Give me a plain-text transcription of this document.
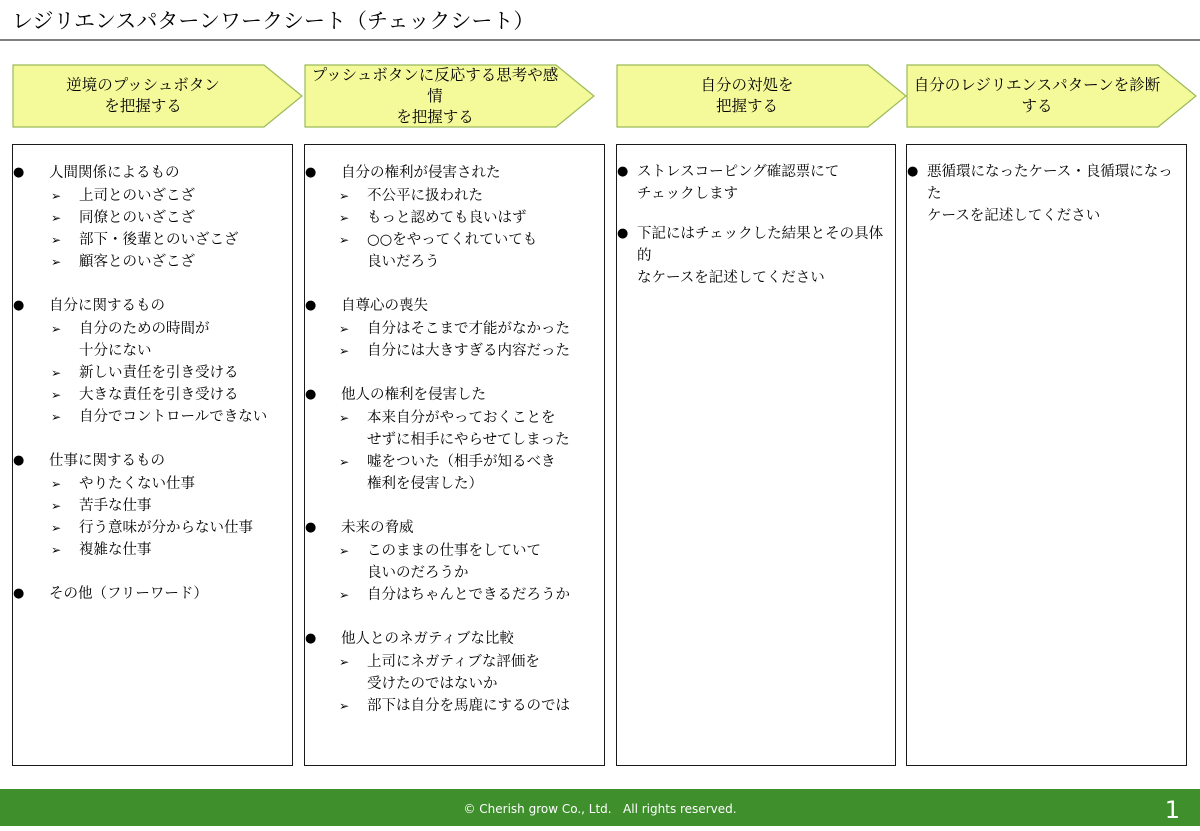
レジリエンスパターンワークシート（チェックシート）
逆境のプッシュボタン
を把握する
プッシュボタンに反応する思考や感情
を把握する
自分の対処を
把握する
自分のレジリエンスパターンを診断
する
● 人間関係によるもの
➢ 上司とのいざこざ
➢ 同僚とのいざこざ
➢ 部下・後輩とのいざこざ
➢ 顧客とのいざこざ
● 自分に関するもの
➢ 自分のための時間が
十分にない
➢ 新しい責任を引き受ける
➢ 大きな責任を引き受ける
➢ 自分でコントロールできない
● 仕事に関するもの
➢ やりたくない仕事
➢ 苦手な仕事
➢ 行う意味が分からない仕事
➢ 複雑な仕事
● その他（フリーワード）
● 自分の権利が侵害された
➢ 不公平に扱われた
➢ もっと認めても良いはず
➢ ○○をやってくれていても
良いだろう
● 自尊心の喪失
➢ 自分はそこまで才能がなかった
➢ 自分には大きすぎる内容だった
● 他人の権利を侵害した
➢ 本来自分がやっておくことを
せずに相手にやらせてしまった
➢ 嘘をついた（相手が知るべき
権利を侵害した）
● 未来の脅威
➢ このままの仕事をしていて
良いのだろうか
➢ 自分はちゃんとできるだろうか
● 他人とのネガティブな比較
➢ 上司にネガティブな評価を
受けたのではないか
➢ 部下は自分を馬鹿にするのでは
● ストレスコーピング確認票にて
チェックします
● 下記にはチェックした結果とその具体的
なケースを記述してください
● 悪循環になったケース・良循環になった
ケースを記述してください
© Cherish grow Co., Ltd.   All rights reserved.	1
